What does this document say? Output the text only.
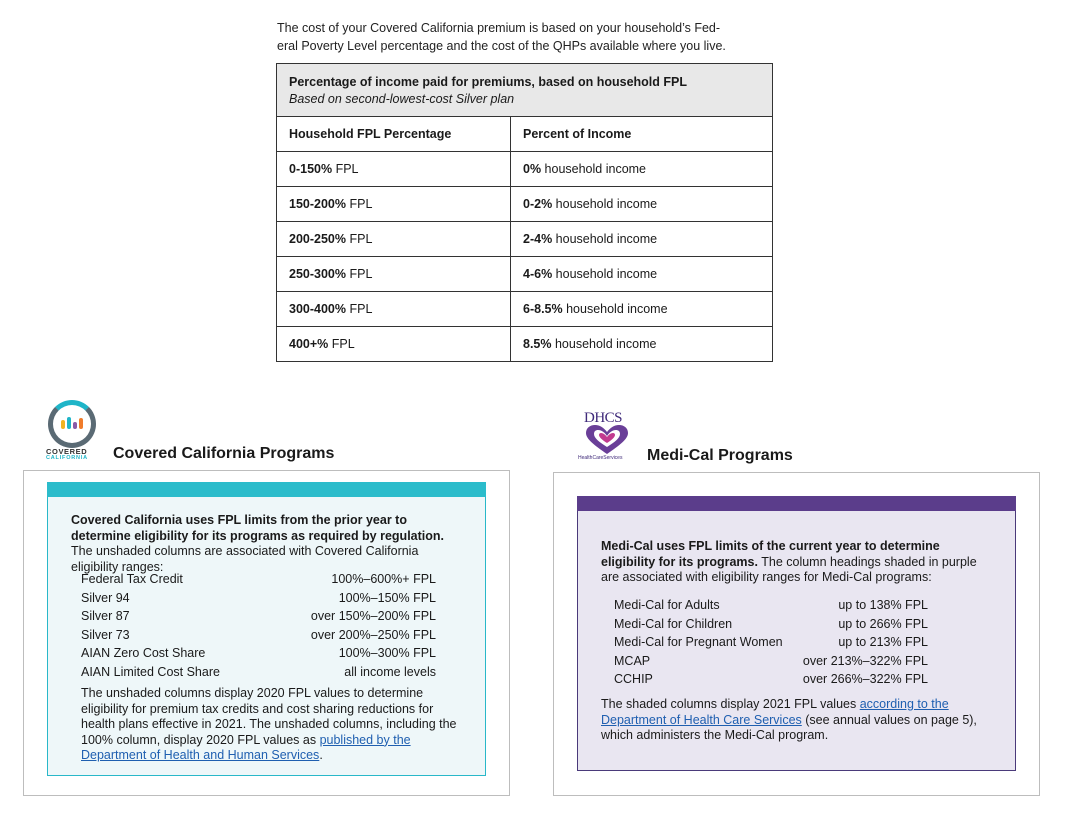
The cost of your Covered California premium is based on your household’s Fed-
eral Poverty Level percentage and the cost of the QHPs available where you live.
Percentage of income paid for premiums, based on household FPL
Based on second-lowest-cost Silver plan	

Household FPL Percentage	Percent of Income
0-150% FPL	0% household income
150-200% FPL	0-2% household income
200-250% FPL	2-4% household income
250-300% FPL	4-6% household income
300-400% FPL	6-8.5% household income
400+% FPL	8.5% household income
COVERED
CALIFORNIA Covered California Programs
Covered California uses FPL limits from the prior year to determine eligibility for its programs as required by regulation. The unshaded columns are associated with Covered California eligibility ranges:
Federal Tax Credit	100%–600%+ FPL
Silver 94	100%–150% FPL
Silver 87	over 150%–200% FPL
Silver 73	over 200%–250% FPL
AIAN Zero Cost Share	100%–300% FPL
AIAN Limited Cost Share	all income levels
The unshaded columns display 2020 FPL values to determine eligibility for premium tax credits and cost sharing reductions for health plans effective in 2021. The unshaded columns, including the 100% column, display 2020 FPL values as published by the Department of Health and Human Services.
DHCS
HealthCareServices Medi-Cal Programs
Medi-Cal uses FPL limits of the current year to determine eligibility for its programs. The column headings shaded in purple are associated with eligibility ranges for Medi-Cal programs:
Medi-Cal for Adults	up to 138% FPL
Medi-Cal for Children	up to 266% FPL
Medi-Cal for Pregnant Women	up to 213% FPL
MCAP	over 213%–322% FPL
CCHIP	over 266%–322% FPL
The shaded columns display 2021 FPL values according to the Department of Health Care Services (see annual values on page 5), which administers the Medi-Cal program.
